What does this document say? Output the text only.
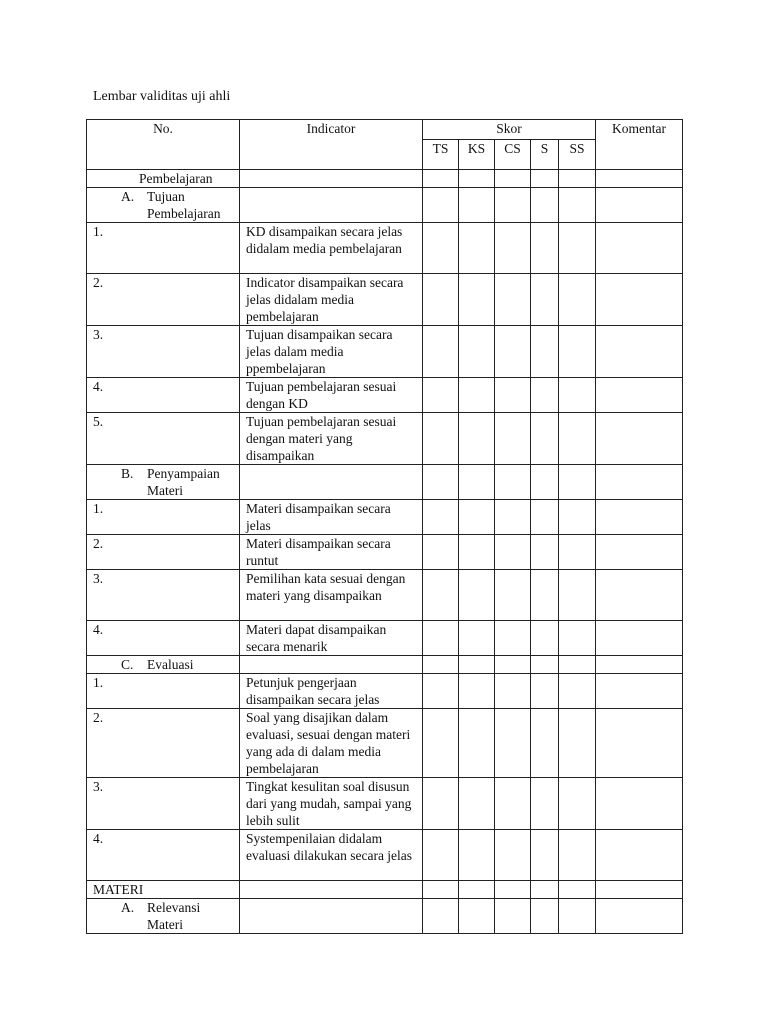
Lembar validitas uji ahli
No.	Indicator	Skor					Komentar
		TS	KS	CS	S	SS	
Pembelajaran							

A. Tujuan Pembelajaran							

1.	KD disampaikan secara jelas didalam media pembelajaran						
2.	Indicator disampaikan secara jelas didalam media pembelajaran						
3.	Tujuan disampaikan secara jelas dalam media ppembelajaran						
4.	Tujuan pembelajaran sesuai dengan KD						
5.	Tujuan pembelajaran sesuai dengan materi yang disampaikan						

B. Penyampaian Materi							

1.	Materi disampaikan secara jelas						
2.	Materi disampaikan secara runtut						
3.	Pemilihan kata sesuai dengan materi yang disampaikan						
4.	Materi dapat disampaikan secara menarik						

C. Evaluasi							

1.	Petunjuk pengerjaan disampaikan secara jelas						
2.	Soal yang disajikan dalam evaluasi, sesuai dengan materi yang ada di dalam media pembelajaran						
3.	Tingkat kesulitan soal disusun dari yang mudah, sampai yang lebih sulit						
4.	Systempenilaian didalam evaluasi dilakukan secara jelas						
MATERI							

A. Relevansi Materi							
